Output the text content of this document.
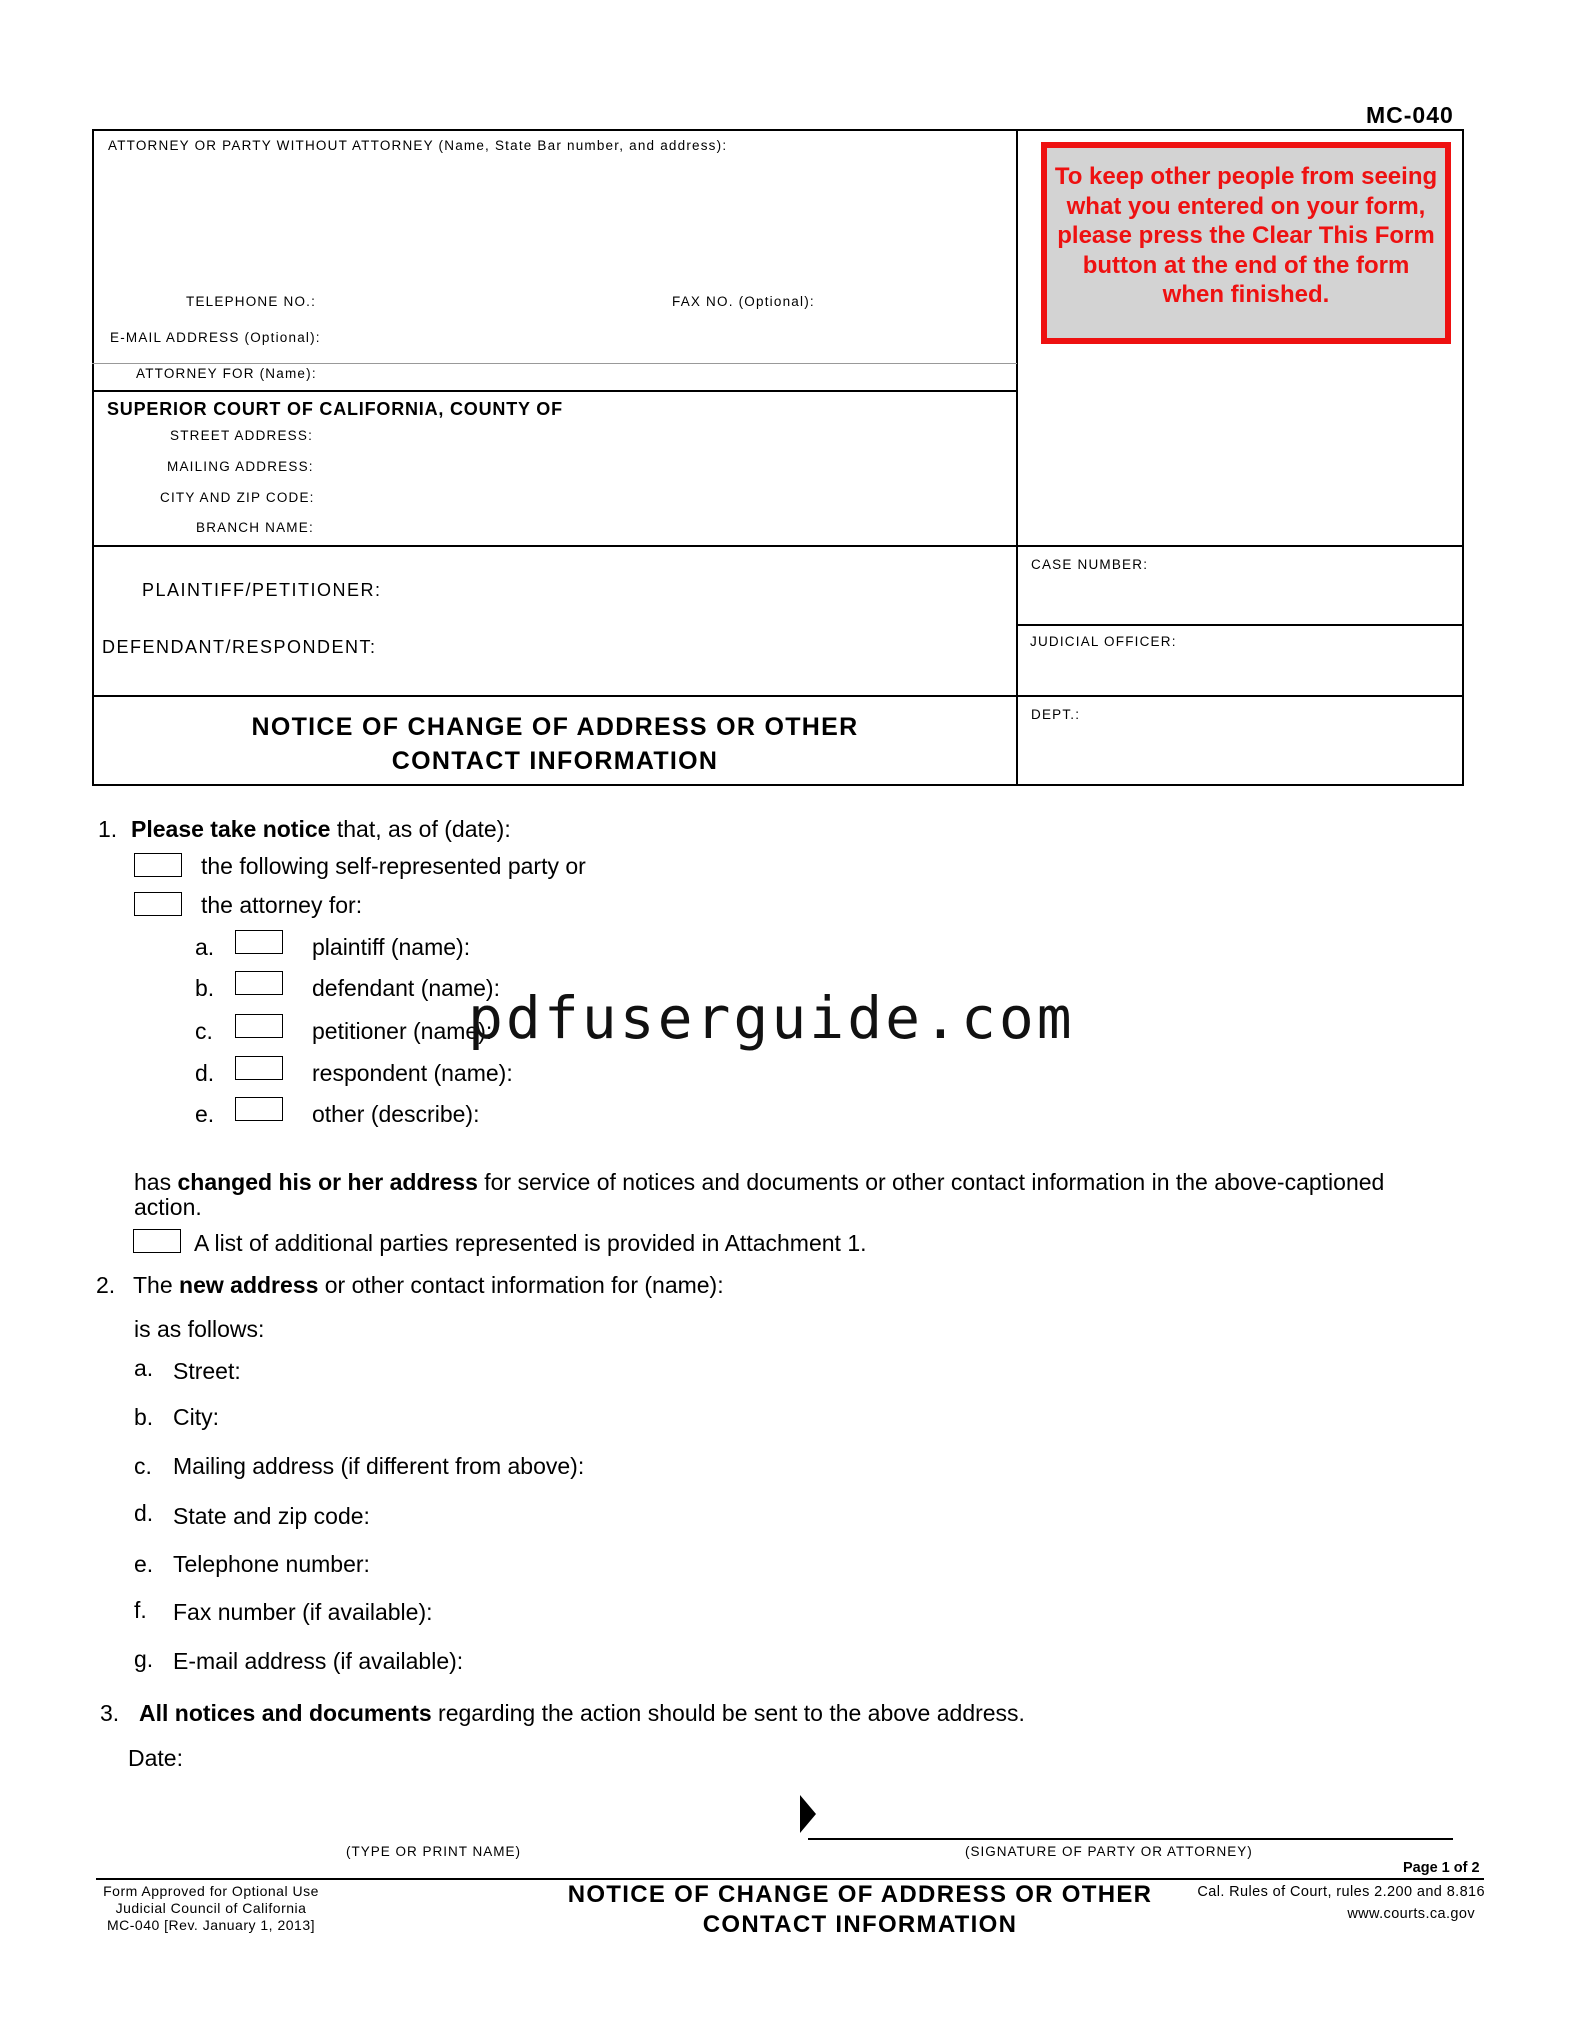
MC-040
ATTORNEY OR PARTY WITHOUT ATTORNEY (Name, State Bar number, and address):
TELEPHONE NO.:	FAX NO. (Optional):
E-MAIL ADDRESS (Optional):
ATTORNEY FOR (Name):
SUPERIOR COURT OF CALIFORNIA, COUNTY OF
STREET ADDRESS:
MAILING ADDRESS:
CITY AND ZIP CODE:
BRANCH NAME:
PLAINTIFF/PETITIONER:
DEFENDANT/RESPONDENT:
CASE NUMBER:
JUDICIAL OFFICER:
DEPT.:
NOTICE OF CHANGE OF ADDRESS OR OTHER
CONTACT INFORMATION
To keep other people from seeing what you entered on your form, please press the Clear This Form button at the end of the form when finished.
1. Please take notice that, as of (date):
the following self-represented party or
the attorney for:
a.	plaintiff (name):
b.	defendant (name):
c.	petitioner (name):
d.	respondent (name):
e.	other (describe):
pdfuserguide.com
has changed his or her address for service of notices and documents or other contact information in the above-captioned
action.
A list of additional parties represented is provided in Attachment 1.
2. The new address or other contact information for (name):
is as follows:
a. Street:
b. City:
c. Mailing address (if different from above):
d. State and zip code:
e. Telephone number:
f. Fax number (if available):
g. E-mail address (if available):
3. All notices and documents regarding the action should be sent to the above address.
Date:
(TYPE OR PRINT NAME)	(SIGNATURE OF PARTY OR ATTORNEY)
Page 1 of 2
Form Approved for Optional Use
Judicial Council of California
MC-040 [Rev. January 1, 2013]
NOTICE OF CHANGE OF ADDRESS OR OTHER
CONTACT INFORMATION
Cal. Rules of Court, rules 2.200 and 8.816
www.courts.ca.gov
